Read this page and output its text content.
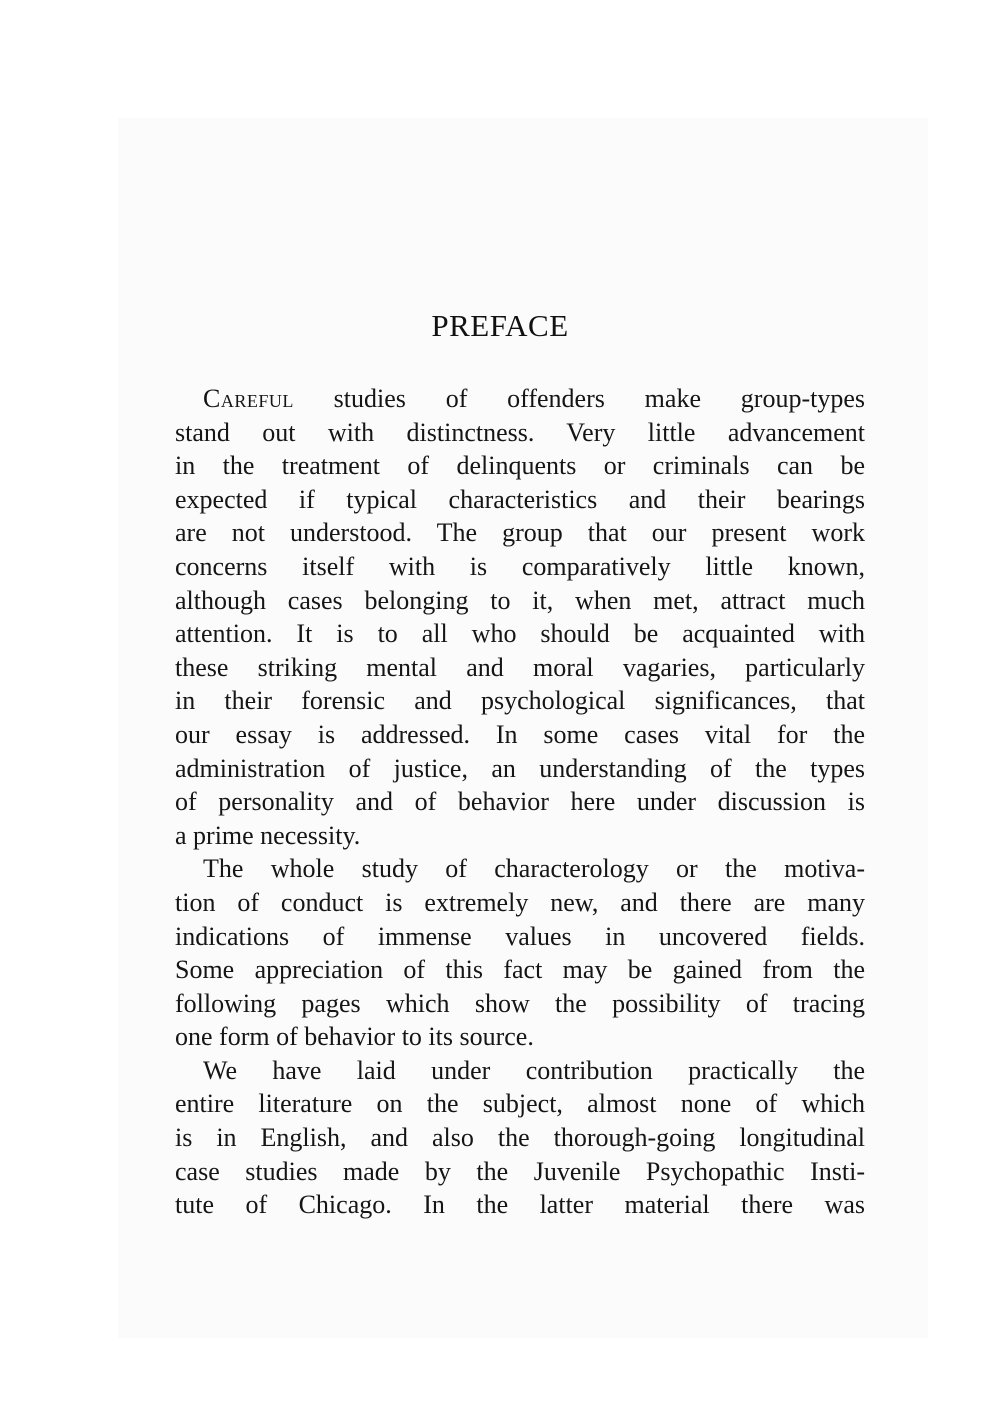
PREFACE
Careful studies of offenders make group-types
stand out with distinctness. Very little advancement
in the treatment of delinquents or criminals can be
expected if typical characteristics and their bearings
are not understood. The group that our present work
concerns itself with is comparatively little known,
although cases belonging to it, when met, attract much
attention. It is to all who should be acquainted with
these striking mental and moral vagaries, particularly
in their forensic and psychological significances, that
our essay is addressed. In some cases vital for the
administration of justice, an understanding of the types
of personality and of behavior here under discussion is
a prime necessity.
The whole study of characterology or the motiva-
tion of conduct is extremely new, and there are many
indications of immense values in uncovered fields.
Some appreciation of this fact may be gained from the
following pages which show the possibility of tracing
one form of behavior to its source.
We have laid under contribution practically the
entire literature on the subject, almost none of which
is in English, and also the thorough-going longitudinal
case studies made by the Juvenile Psychopathic Insti-
tute of Chicago. In the latter material there was
